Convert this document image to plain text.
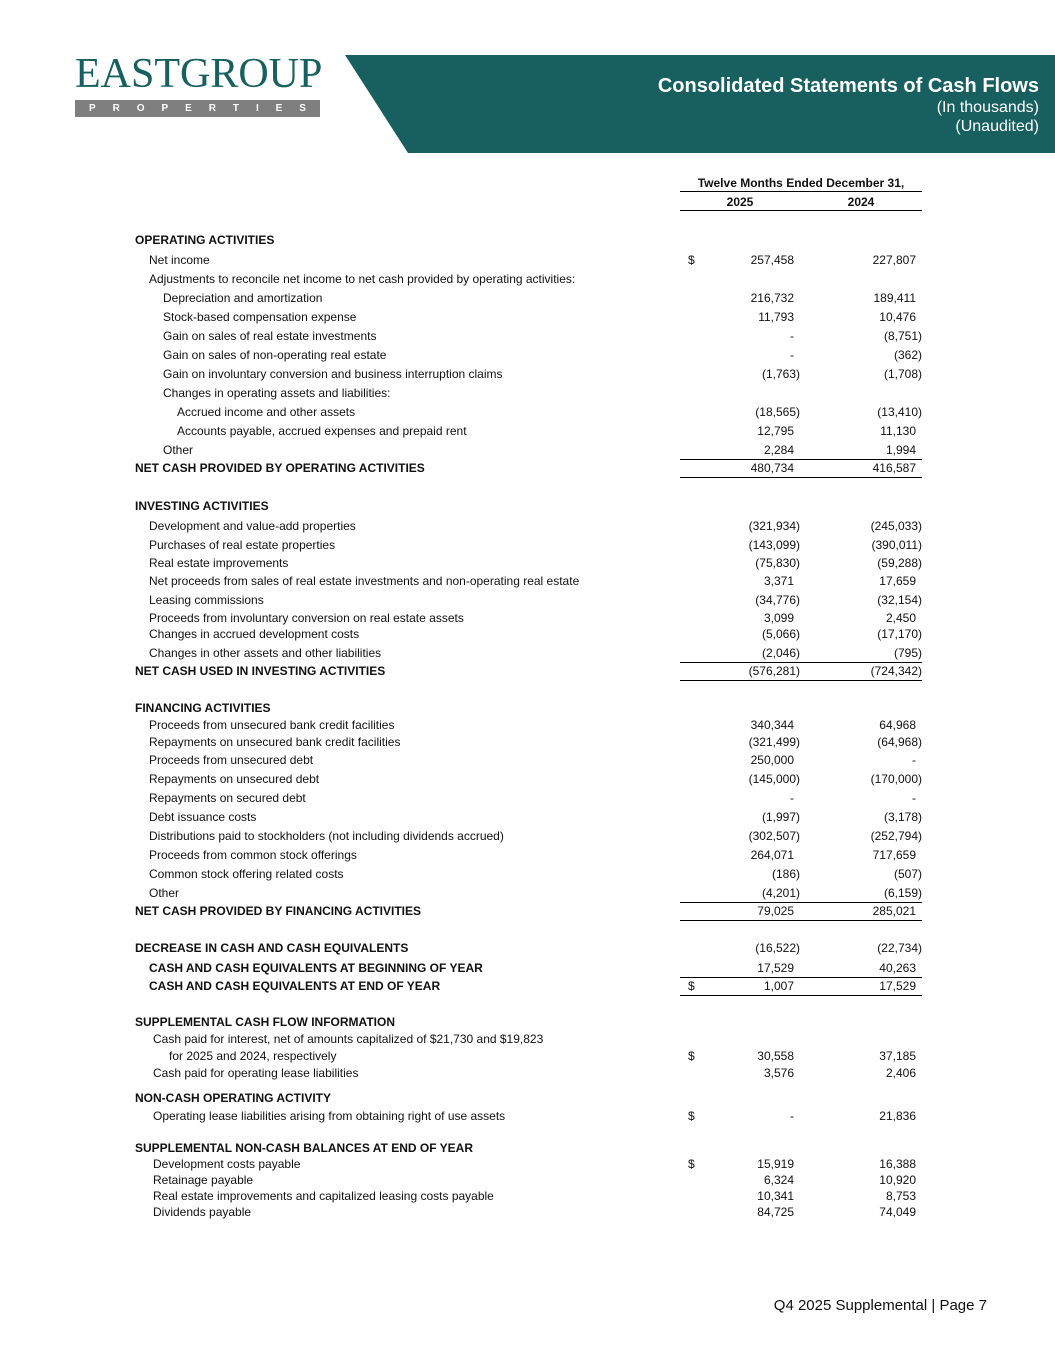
EASTGROUP
P R O P E R T I E S
Consolidated Statements of Cash Flows
(In thousands)
(Unaudited)
Twelve Months Ended December 31,
2025	2024
OPERATING ACTIVITIES
Net income	$	257,458	227,807
Adjustments to reconcile net income to net cash provided by operating activities:
Depreciation and amortization	216,732	189,411
Stock-based compensation expense	11,793	10,476
Gain on sales of real estate investments	-	(8,751)
Gain on sales of non-operating real estate	-	(362)
Gain on involuntary conversion and business interruption claims	(1,763)	(1,708)
Changes in operating assets and liabilities:
Accrued income and other assets	(18,565)	(13,410)
Accounts payable, accrued expenses and prepaid rent	12,795	11,130
Other	2,284	1,994
NET CASH PROVIDED BY OPERATING ACTIVITIES	480,734	416,587
INVESTING ACTIVITIES
Development and value-add properties	(321,934)	(245,033)
Purchases of real estate properties	(143,099)	(390,011)
Real estate improvements	(75,830)	(59,288)
Net proceeds from sales of real estate investments and non-operating real estate	3,371	17,659
Leasing commissions	(34,776)	(32,154)
Proceeds from involuntary conversion on real estate assets	3,099	2,450
Changes in accrued development costs	(5,066)	(17,170)
Changes in other assets and other liabilities	(2,046)	(795)
NET CASH USED IN INVESTING ACTIVITIES	(576,281)	(724,342)
FINANCING ACTIVITIES
Proceeds from unsecured bank credit facilities	340,344	64,968
Repayments on unsecured bank credit facilities	(321,499)	(64,968)
Proceeds from unsecured debt	250,000	-
Repayments on unsecured debt	(145,000)	(170,000)
Repayments on secured debt	-	-
Debt issuance costs	(1,997)	(3,178)
Distributions paid to stockholders (not including dividends accrued)	(302,507)	(252,794)
Proceeds from common stock offerings	264,071	717,659
Common stock offering related costs	(186)	(507)
Other	(4,201)	(6,159)
NET CASH PROVIDED BY FINANCING ACTIVITIES	79,025	285,021
DECREASE IN CASH AND CASH EQUIVALENTS	(16,522)	(22,734)
CASH AND CASH EQUIVALENTS AT BEGINNING OF YEAR	17,529	40,263
CASH AND CASH EQUIVALENTS AT END OF YEAR	$	1,007	17,529
SUPPLEMENTAL CASH FLOW INFORMATION
Cash paid for interest, net of amounts capitalized of $21,730 and $19,823
for 2025 and 2024, respectively	$	30,558	37,185
Cash paid for operating lease liabilities	3,576	2,406
NON-CASH OPERATING ACTIVITY
Operating lease liabilities arising from obtaining right of use assets	$	-	21,836
SUPPLEMENTAL NON-CASH BALANCES AT END OF YEAR
Development costs payable	$	15,919	16,388
Retainage payable	6,324	10,920
Real estate improvements and capitalized leasing costs payable	10,341	8,753
Dividends payable	84,725	74,049
Q4 2025 Supplemental | Page 7
